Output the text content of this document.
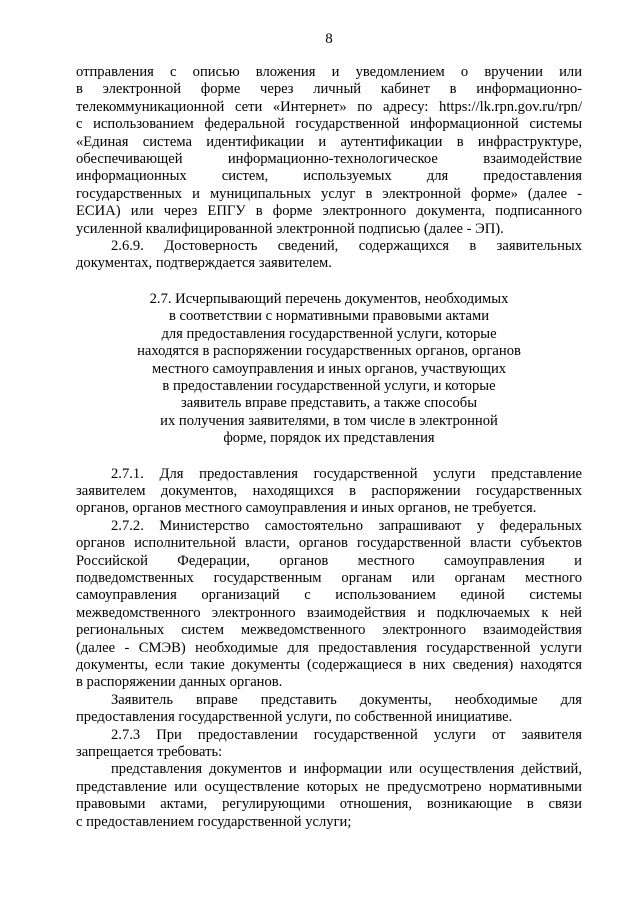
8
отправления с описью вложения и уведомлением о вручении или
в электронной форме через личный кабинет в информационно-
телекоммуникационной сети «Интернет» по адресу: https://lk.rpn.gov.ru/rpn/
с использованием федеральной государственной информационной системы
«Единая система идентификации и аутентификации в инфраструктуре,
обеспечивающей информационно-технологическое взаимодействие
информационных систем, используемых для предоставления
государственных и муниципальных услуг в электронной форме» (далее -
ЕСИА) или через ЕПГУ в форме электронного документа, подписанного
усиленной квалифицированной электронной подписью (далее - ЭП).
2.6.9. Достоверность сведений, содержащихся в заявительных
документах, подтверждается заявителем.
2.7. Исчерпывающий перечень документов, необходимых
в соответствии с нормативными правовыми актами
для предоставления государственной услуги, которые
находятся в распоряжении государственных органов, органов
местного самоуправления и иных органов, участвующих
в предоставлении государственной услуги, и которые
заявитель вправе представить, а также способы
их получения заявителями, в том числе в электронной
форме, порядок их представления
2.7.1. Для предоставления государственной услуги представление
заявителем документов, находящихся в распоряжении государственных
органов, органов местного самоуправления и иных органов, не требуется.
2.7.2. Министерство самостоятельно запрашивают у федеральных
органов исполнительной власти, органов государственной власти субъектов
Российской Федерации, органов местного самоуправления и
подведомственных государственным органам или органам местного
самоуправления организаций с использованием единой системы
межведомственного электронного взаимодействия и подключаемых к ней
региональных систем межведомственного электронного взаимодействия
(далее - СМЭВ) необходимые для предоставления государственной услуги
документы, если такие документы (содержащиеся в них сведения) находятся
в распоряжении данных органов.
Заявитель вправе представить документы, необходимые для
предоставления государственной услуги, по собственной инициативе.
2.7.3 При предоставлении государственной услуги от заявителя
запрещается требовать:
представления документов и информации или осуществления действий,
представление или осуществление которых не предусмотрено нормативными
правовыми актами, регулирующими отношения, возникающие в связи
с предоставлением государственной услуги;
